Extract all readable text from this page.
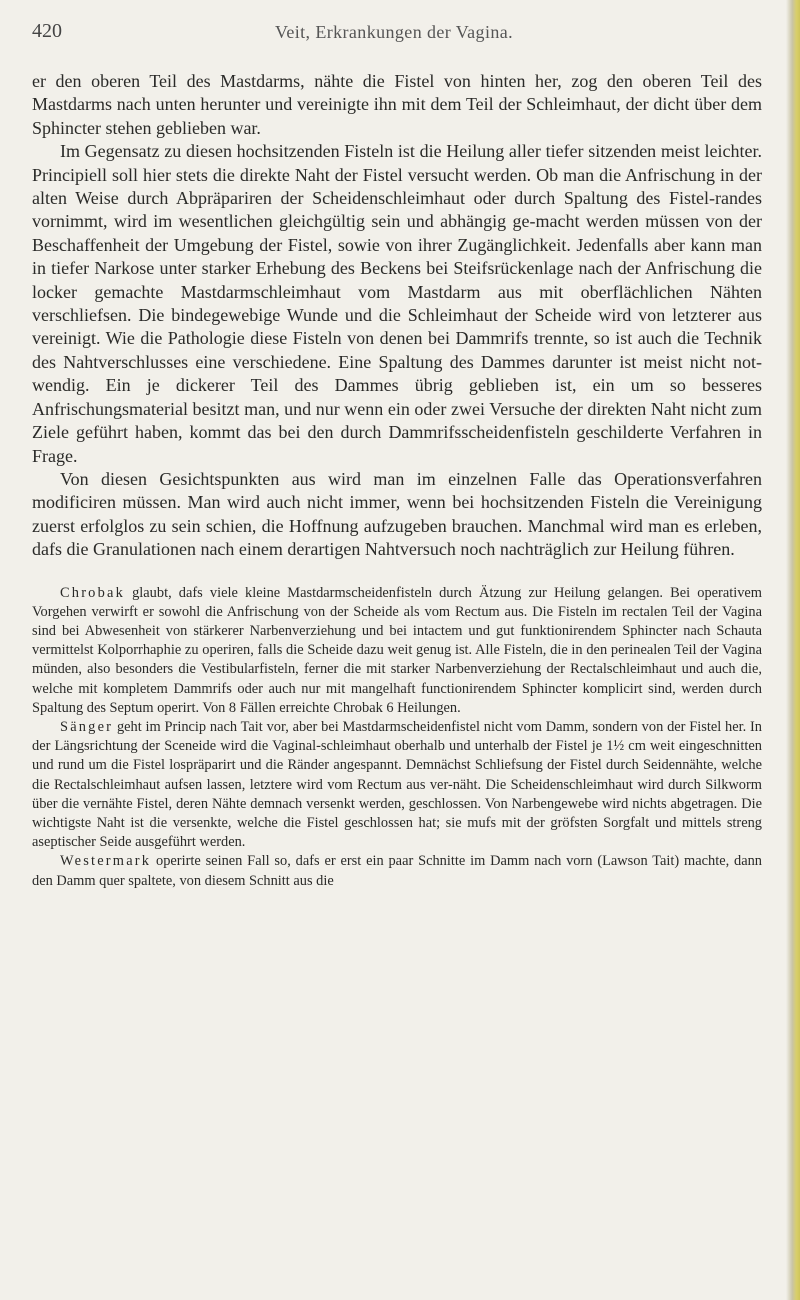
420	Veit, Erkrankungen der Vagina.

er den oberen Teil des Mastdarms, nähte die Fistel von hinten her, zog den oberen Teil des Mastdarms nach unten herunter und vereinigte ihn mit dem Teil der Schleimhaut, der dicht über dem Sphincter stehen geblieben war.

Im Gegensatz zu diesen hochsitzenden Fisteln ist die Heilung aller tiefer sitzenden meist leichter. Principiell soll hier stets die direkte Naht der Fistel versucht werden. Ob man die Anfrischung in der alten Weise durch Abpräpariren der Scheidenschleimhaut oder durch Spaltung des Fistel-randes vornimmt, wird im wesentlichen gleichgültig sein und abhängig ge-macht werden müssen von der Beschaffenheit der Umgebung der Fistel, sowie von ihrer Zugänglichkeit. Jedenfalls aber kann man in tiefer Narkose unter starker Erhebung des Beckens bei Steifsrückenlage nach der Anfrischung die locker gemachte Mastdarmschleimhaut vom Mastdarm aus mit oberflächlichen Nähten verschliefsen. Die bindegewebige Wunde und die Schleimhaut der Scheide wird von letzterer aus vereinigt. Wie die Pathologie diese Fisteln von denen bei Dammrifs trennte, so ist auch die Technik des Nahtverschlusses eine verschiedene. Eine Spaltung des Dammes darunter ist meist nicht not-wendig. Ein je dickerer Teil des Dammes übrig geblieben ist, ein um so besseres Anfrischungsmaterial besitzt man, und nur wenn ein oder zwei Versuche der direkten Naht nicht zum Ziele geführt haben, kommt das bei den durch Dammrifsscheidenfisteln geschilderte Verfahren in Frage.

Von diesen Gesichtspunkten aus wird man im einzelnen Falle das Operationsverfahren modificiren müssen. Man wird auch nicht immer, wenn bei hochsitzenden Fisteln die Vereinigung zuerst erfolglos zu sein schien, die Hoffnung aufzugeben brauchen. Manchmal wird man es erleben, dafs die Granulationen nach einem derartigen Nahtversuch noch nachträglich zur Heilung führen.

Chrobak glaubt, dafs viele kleine Mastdarmscheidenfisteln durch Ätzung zur Heilung gelangen. Bei operativem Vorgehen verwirft er sowohl die Anfrischung von der Scheide als vom Rectum aus. Die Fisteln im rectalen Teil der Vagina sind bei Abwesenheit von stärkerer Narbenverziehung und bei intactem und gut funktionirendem Sphincter nach Schauta vermittelst Kolporrhaphie zu operiren, falls die Scheide dazu weit genug ist. Alle Fisteln, die in den perinealen Teil der Vagina münden, also besonders die Vestibularfisteln, ferner die mit starker Narbenverziehung der Rectalschleimhaut und auch die, welche mit kompletem Dammrifs oder auch nur mit mangelhaft functionirendem Sphincter komplicirt sind, werden durch Spaltung des Septum operirt. Von 8 Fällen erreichte Chrobak 6 Heilungen.

Sänger geht im Princip nach Tait vor, aber bei Mastdarmscheidenfistel nicht vom Damm, sondern von der Fistel her. In der Längsrichtung der Sceneide wird die Vaginal-schleimhaut oberhalb und unterhalb der Fistel je 1½ cm weit eingeschnitten und rund um die Fistel lospräparirt und die Ränder angespannt. Demnächst Schliefsung der Fistel durch Seidennähte, welche die Rectalschleimhaut aufsen lassen, letztere wird vom Rectum aus ver-näht. Die Scheidenschleimhaut wird durch Silkworm über die vernähte Fistel, deren Nähte demnach versenkt werden, geschlossen. Von Narbengewebe wird nichts abgetragen. Die wichtigste Naht ist die versenkte, welche die Fistel geschlossen hat; sie mufs mit der gröfsten Sorgfalt und mittels streng aseptischer Seide ausgeführt werden.

Westermark operirte seinen Fall so, dafs er erst ein paar Schnitte im Damm nach vorn (Lawson Tait) machte, dann den Damm quer spaltete, von diesem Schnitt aus die
